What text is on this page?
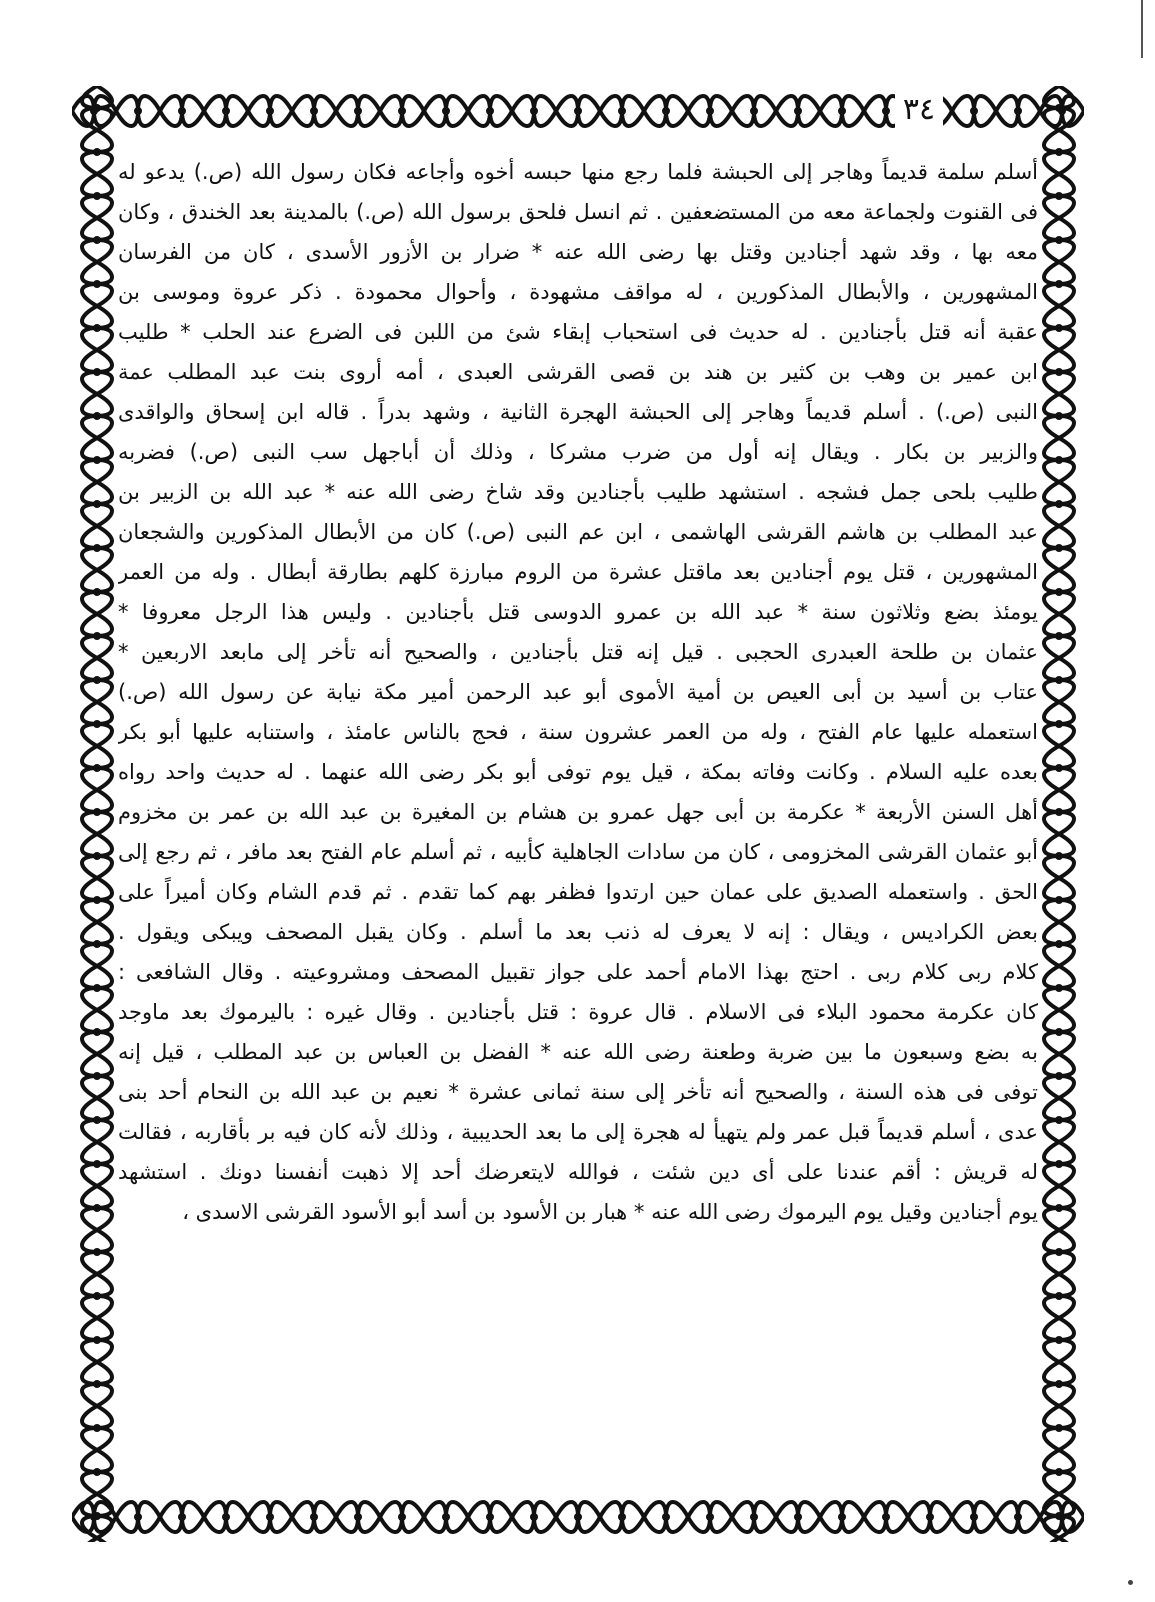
٣٤
أسلم سلمة قديماً وهاجر إلى الحبشة فلما رجع منها حبسه أخوه وأجاعه فكان رسول الله (ص.) يدعو له
فى القنوت ولجماعة معه من المستضعفين . ثم انسل فلحق برسول الله (ص.) بالمدينة بعد الخندق ، وكان
معه بها ، وقد شهد أجنادين وقتل بها رضى الله عنه * ضرار بن الأزور الأسدى ، كان من الفرسان
المشهورين ، والأبطال المذكورين ، له مواقف مشهودة ، وأحوال محمودة . ذكر عروة وموسى بن
عقبة أنه قتل بأجنادين . له حديث فى استحباب إبقاء شئ من اللبن فى الضرع عند الحلب * طليب
ابن عمير بن وهب بن كثير بن هند بن قصى القرشى العبدى ، أمه أروى بنت عبد المطلب عمة
النبى (ص.) . أسلم قديماً وهاجر إلى الحبشة الهجرة الثانية ، وشهد بدراً . قاله ابن إسحاق والواقدى
والزبير بن بكار . ويقال إنه أول من ضرب مشركا ، وذلك أن أباجهل سب النبى (ص.) فضربه
طليب بلحى جمل فشجه . استشهد طليب بأجنادين وقد شاخ رضى الله عنه * عبد الله بن الزبير بن
عبد المطلب بن هاشم القرشى الهاشمى ، ابن عم النبى (ص.) كان من الأبطال المذكورين والشجعان
المشهورين ، قتل يوم أجنادين بعد ماقتل عشرة من الروم مبارزة كلهم بطارقة أبطال . وله من العمر
يومئذ بضع وثلاثون سنة * عبد الله بن عمرو الدوسى قتل بأجنادين . وليس هذا الرجل معروفا *
عثمان بن طلحة العبدرى الحجبى . قيل إنه قتل بأجنادين ، والصحيح أنه تأخر إلى مابعد الاربعين *
عتاب بن أسيد بن أبى العيص بن أمية الأموى أبو عبد الرحمن أمير مكة نيابة عن رسول الله (ص.)
استعمله عليها عام الفتح ، وله من العمر عشرون سنة ، فحج بالناس عامئذ ، واستنابه عليها أبو بكر
بعده عليه السلام . وكانت وفاته بمكة ، قيل يوم توفى أبو بكر رضى الله عنهما . له حديث واحد رواه
أهل السنن الأربعة * عكرمة بن أبى جهل عمرو بن هشام بن المغيرة بن عبد الله بن عمر بن مخزوم
أبو عثمان القرشى المخزومى ، كان من سادات الجاهلية كأبيه ، ثم أسلم عام الفتح بعد مافر ، ثم رجع إلى
الحق . واستعمله الصديق على عمان حين ارتدوا فظفر بهم كما تقدم . ثم قدم الشام وكان أميراً على
بعض الكراديس ، ويقال : إنه لا يعرف له ذنب بعد ما أسلم . وكان يقبل المصحف ويبكى ويقول .
كلام ربى كلام ربى . احتج بهذا الامام أحمد على جواز تقبيل المصحف ومشروعيته . وقال الشافعى :
كان عكرمة محمود البلاء فى الاسلام . قال عروة : قتل بأجنادين . وقال غيره : باليرموك بعد ماوجد
به بضع وسبعون ما بين ضربة وطعنة رضى الله عنه * الفضل بن العباس بن عبد المطلب ، قيل إنه
توفى فى هذه السنة ، والصحيح أنه تأخر إلى سنة ثمانى عشرة * نعيم بن عبد الله بن النحام أحد بنى
عدى ، أسلم قديماً قبل عمر ولم يتهيأ له هجرة إلى ما بعد الحديبية ، وذلك لأنه كان فيه بر بأقاربه ، فقالت
له قريش : أقم عندنا على أى دين شئت ، فوالله لايتعرضك أحد إلا ذهبت أنفسنا دونك . استشهد
يوم أجنادين وقيل يوم اليرموك رضى الله عنه * هبار بن الأسود بن أسد أبو الأسود القرشى الاسدى ،
